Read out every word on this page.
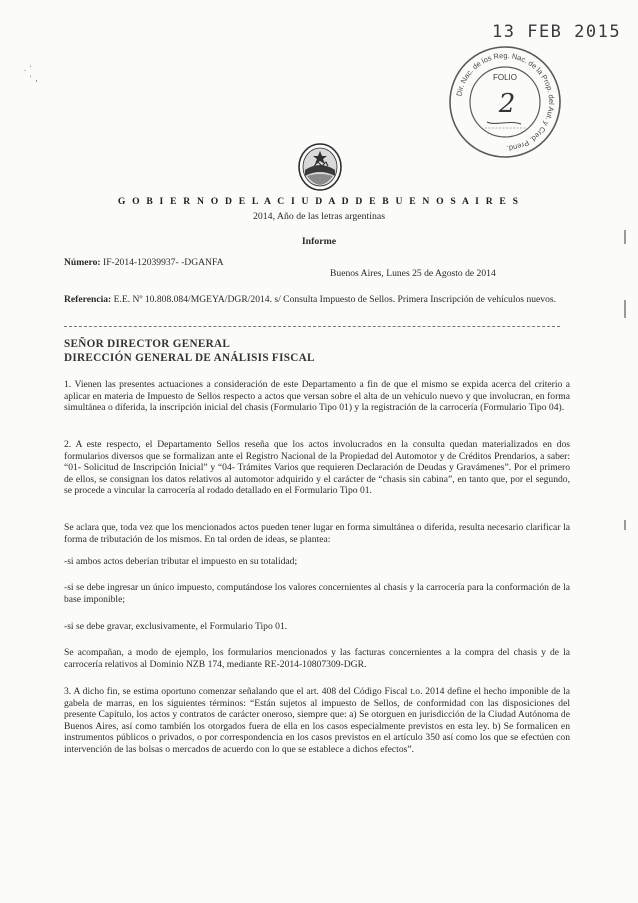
13 FEB 2015
Dir. Nac. de los Reg. Nac. de la Prop. del Aut. y Cred. Prend.
FOLIO
2
.  '
'  ,
G O B I E R N O D E L A C I U D A D D E B U E N O S A I R E S
2014, Año de las letras argentinas
Informe
Número: IF-2014-12039937- -DGANFA
Buenos Aires, Lunes 25 de Agosto de 2014
Referencia: E.E. Nº 10.808.084/MGEYA/DGR/2014. s/ Consulta Impuesto de Sellos. Primera Inscripción de vehículos nuevos.
SEÑOR DIRECTOR GENERAL
DIRECCIÓN GENERAL DE ANÁLISIS FISCAL
1. Vienen las presentes actuaciones a consideración de este Departamento a fin de que el mismo se expida acerca del criterio a aplicar en materia de Impuesto de Sellos respecto a actos que versan sobre el alta de un vehículo nuevo y que involucran, en forma simultánea o diferida, la inscripción inicial del chasis (Formulario Tipo 01) y la registración de la carrocería (Formulario Tipo 04).
2. A este respecto, el Departamento Sellos reseña que los actos involucrados en la consulta quedan materializados en dos formularios diversos que se formalizan ante el Registro Nacional de la Propiedad del Automotor y de Créditos Prendarios, a saber: “01- Solicitud de Inscripción Inicial” y “04- Trámites Varios que requieren Declaración de Deudas y Gravámenes”. Por el primero de ellos, se consignan los datos relativos al automotor adquirido y el carácter de “chasis sin cabina”, en tanto que, por el segundo, se procede a vincular la carrocería al rodado detallado en el Formulario Tipo 01.
Se aclara que, toda vez que los mencionados actos pueden tener lugar en forma simultánea o diferida, resulta necesario clarificar la forma de tributación de los mismos. En tal orden de ideas, se plantea:
-si ambos actos deberían tributar el impuesto en su totalidad;
-si se debe ingresar un único impuesto, computándose los valores concernientes al chasis y la carrocería para la conformación de la base imponible;
-si se debe gravar, exclusivamente, el Formulario Tipo 01.
Se acompañan, a modo de ejemplo, los formularios mencionados y las facturas concernientes a la compra del chasis y de la carrocería relativos al Dominio NZB 174, mediante RE-2014-10807309-DGR.
3. A dicho fin, se estima oportuno comenzar señalando que el art. 408 del Código Fiscal t.o. 2014 define el hecho imponible de la gabela de marras, en los siguientes términos: “Están sujetos al impuesto de Sellos, de conformidad con las disposiciones del presente Capítulo, los actos y contratos de carácter oneroso, siempre que: a) Se otorguen en jurisdicción de la Ciudad Autónoma de Buenos Aires, así como también los otorgados fuera de ella en los casos especialmente previstos en esta ley. b) Se formalicen en instrumentos públicos o privados, o por correspondencia en los casos previstos en el artículo 350 así como los que se efectúen con intervención de las bolsas o mercados de acuerdo con lo que se establece a dichos efectos”.
